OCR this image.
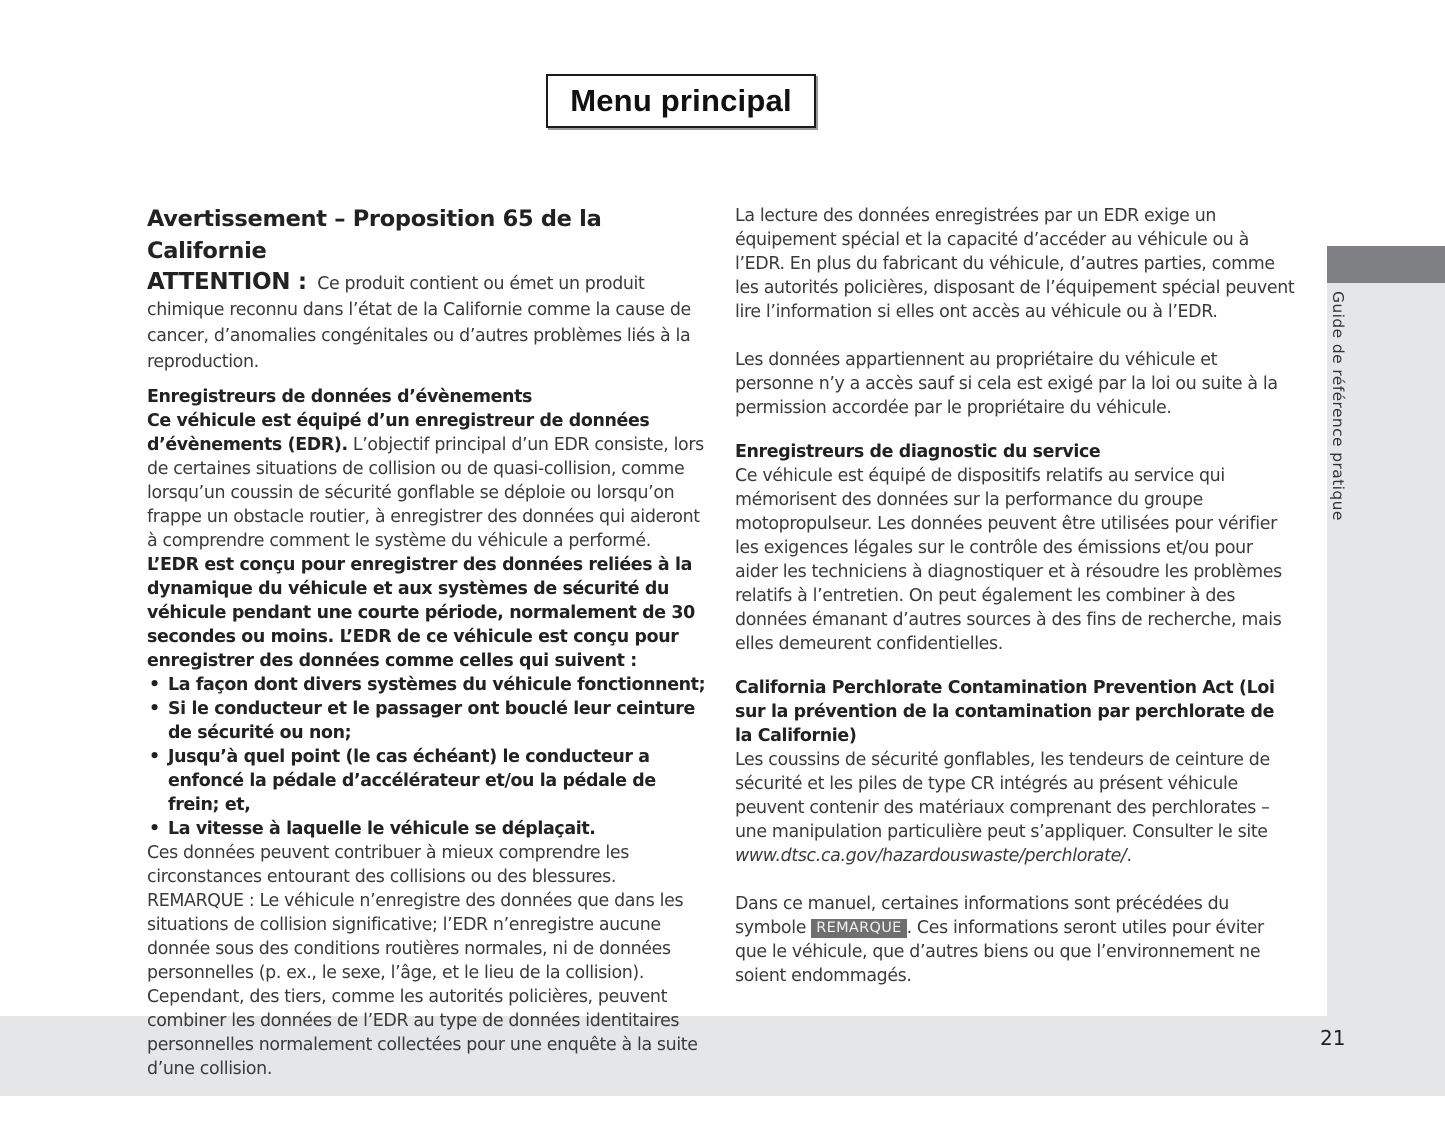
Guide de référence pratique
21
Menu principal
Avertissement – Proposition 65 de la Californie
ATTENTION : Ce produit contient ou émet un produit chimique reconnu dans l’état de la Californie comme la cause de cancer, d’anomalies congénitales ou d’autres problèmes liés à la reproduction.
Enregistreurs de données d’évènements
Ce véhicule est équipé d’un enregistreur de données d’évènements (EDR). L’objectif principal d’un EDR consiste, lors de certaines situations de collision ou de quasi-collision, comme lorsqu’un coussin de sécurité gonflable se déploie ou lorsqu’on frappe un obstacle routier, à enregistrer des données qui aideront à comprendre comment le système du véhicule a performé. L’EDR est conçu pour enregistrer des données reliées à la dynamique du véhicule et aux systèmes de sécurité du véhicule pendant une courte période, normalement de 30 secondes ou moins. L’EDR de ce véhicule est conçu pour enregistrer des données comme celles qui suivent :
• La façon dont divers systèmes du véhicule fonctionnent;
• Si le conducteur et le passager ont bouclé leur ceinture de sécurité ou non;
• Jusqu’à quel point (le cas échéant) le conducteur a enfoncé la pédale d’accélérateur et/ou la pédale de frein; et,
• La vitesse à laquelle le véhicule se déplaçait.
Ces données peuvent contribuer à mieux comprendre les circonstances entourant des collisions ou des blessures.
REMARQUE : Le véhicule n’enregistre des données que dans les situations de collision significative; l’EDR n’enregistre aucune donnée sous des conditions routières normales, ni de données personnelles (p. ex., le sexe, l’âge, et le lieu de la collision). Cependant, des tiers, comme les autorités policières, peuvent combiner les données de l’EDR au type de données identitaires personnelles normalement collectées pour une enquête à la suite d’une collision.
La lecture des données enregistrées par un EDR exige un équipement spécial et la capacité d’accéder au véhicule ou à l’EDR. En plus du fabricant du véhicule, d’autres parties, comme les autorités policières, disposant de l’équipement spécial peuvent lire l’information si elles ont accès au véhicule ou à l’EDR.
Les données appartiennent au propriétaire du véhicule et personne n’y a accès sauf si cela est exigé par la loi ou suite à la permission accordée par le propriétaire du véhicule.
Enregistreurs de diagnostic du service
Ce véhicule est équipé de dispositifs relatifs au service qui mémorisent des données sur la performance du groupe motopropulseur. Les données peuvent être utilisées pour vérifier les exigences légales sur le contrôle des émissions et/ou pour aider les techniciens à diagnostiquer et à résoudre les problèmes relatifs à l’entretien. On peut également les combiner à des données émanant d’autres sources à des fins de recherche, mais elles demeurent confidentielles.
California Perchlorate Contamination Prevention Act (Loi sur la prévention de la contamination par perchlorate de la Californie)
Les coussins de sécurité gonflables, les tendeurs de ceinture de sécurité et les piles de type CR intégrés au présent véhicule peuvent contenir des matériaux comprenant des perchlorates – une manipulation particulière peut s’appliquer. Consulter le site www.dtsc.ca.gov/hazardouswaste/perchlorate/.
Dans ce manuel, certaines informations sont précédées du symbole REMARQUE . Ces informations seront utiles pour éviter que le véhicule, que d’autres biens ou que l’environnement ne soient endommagés.
